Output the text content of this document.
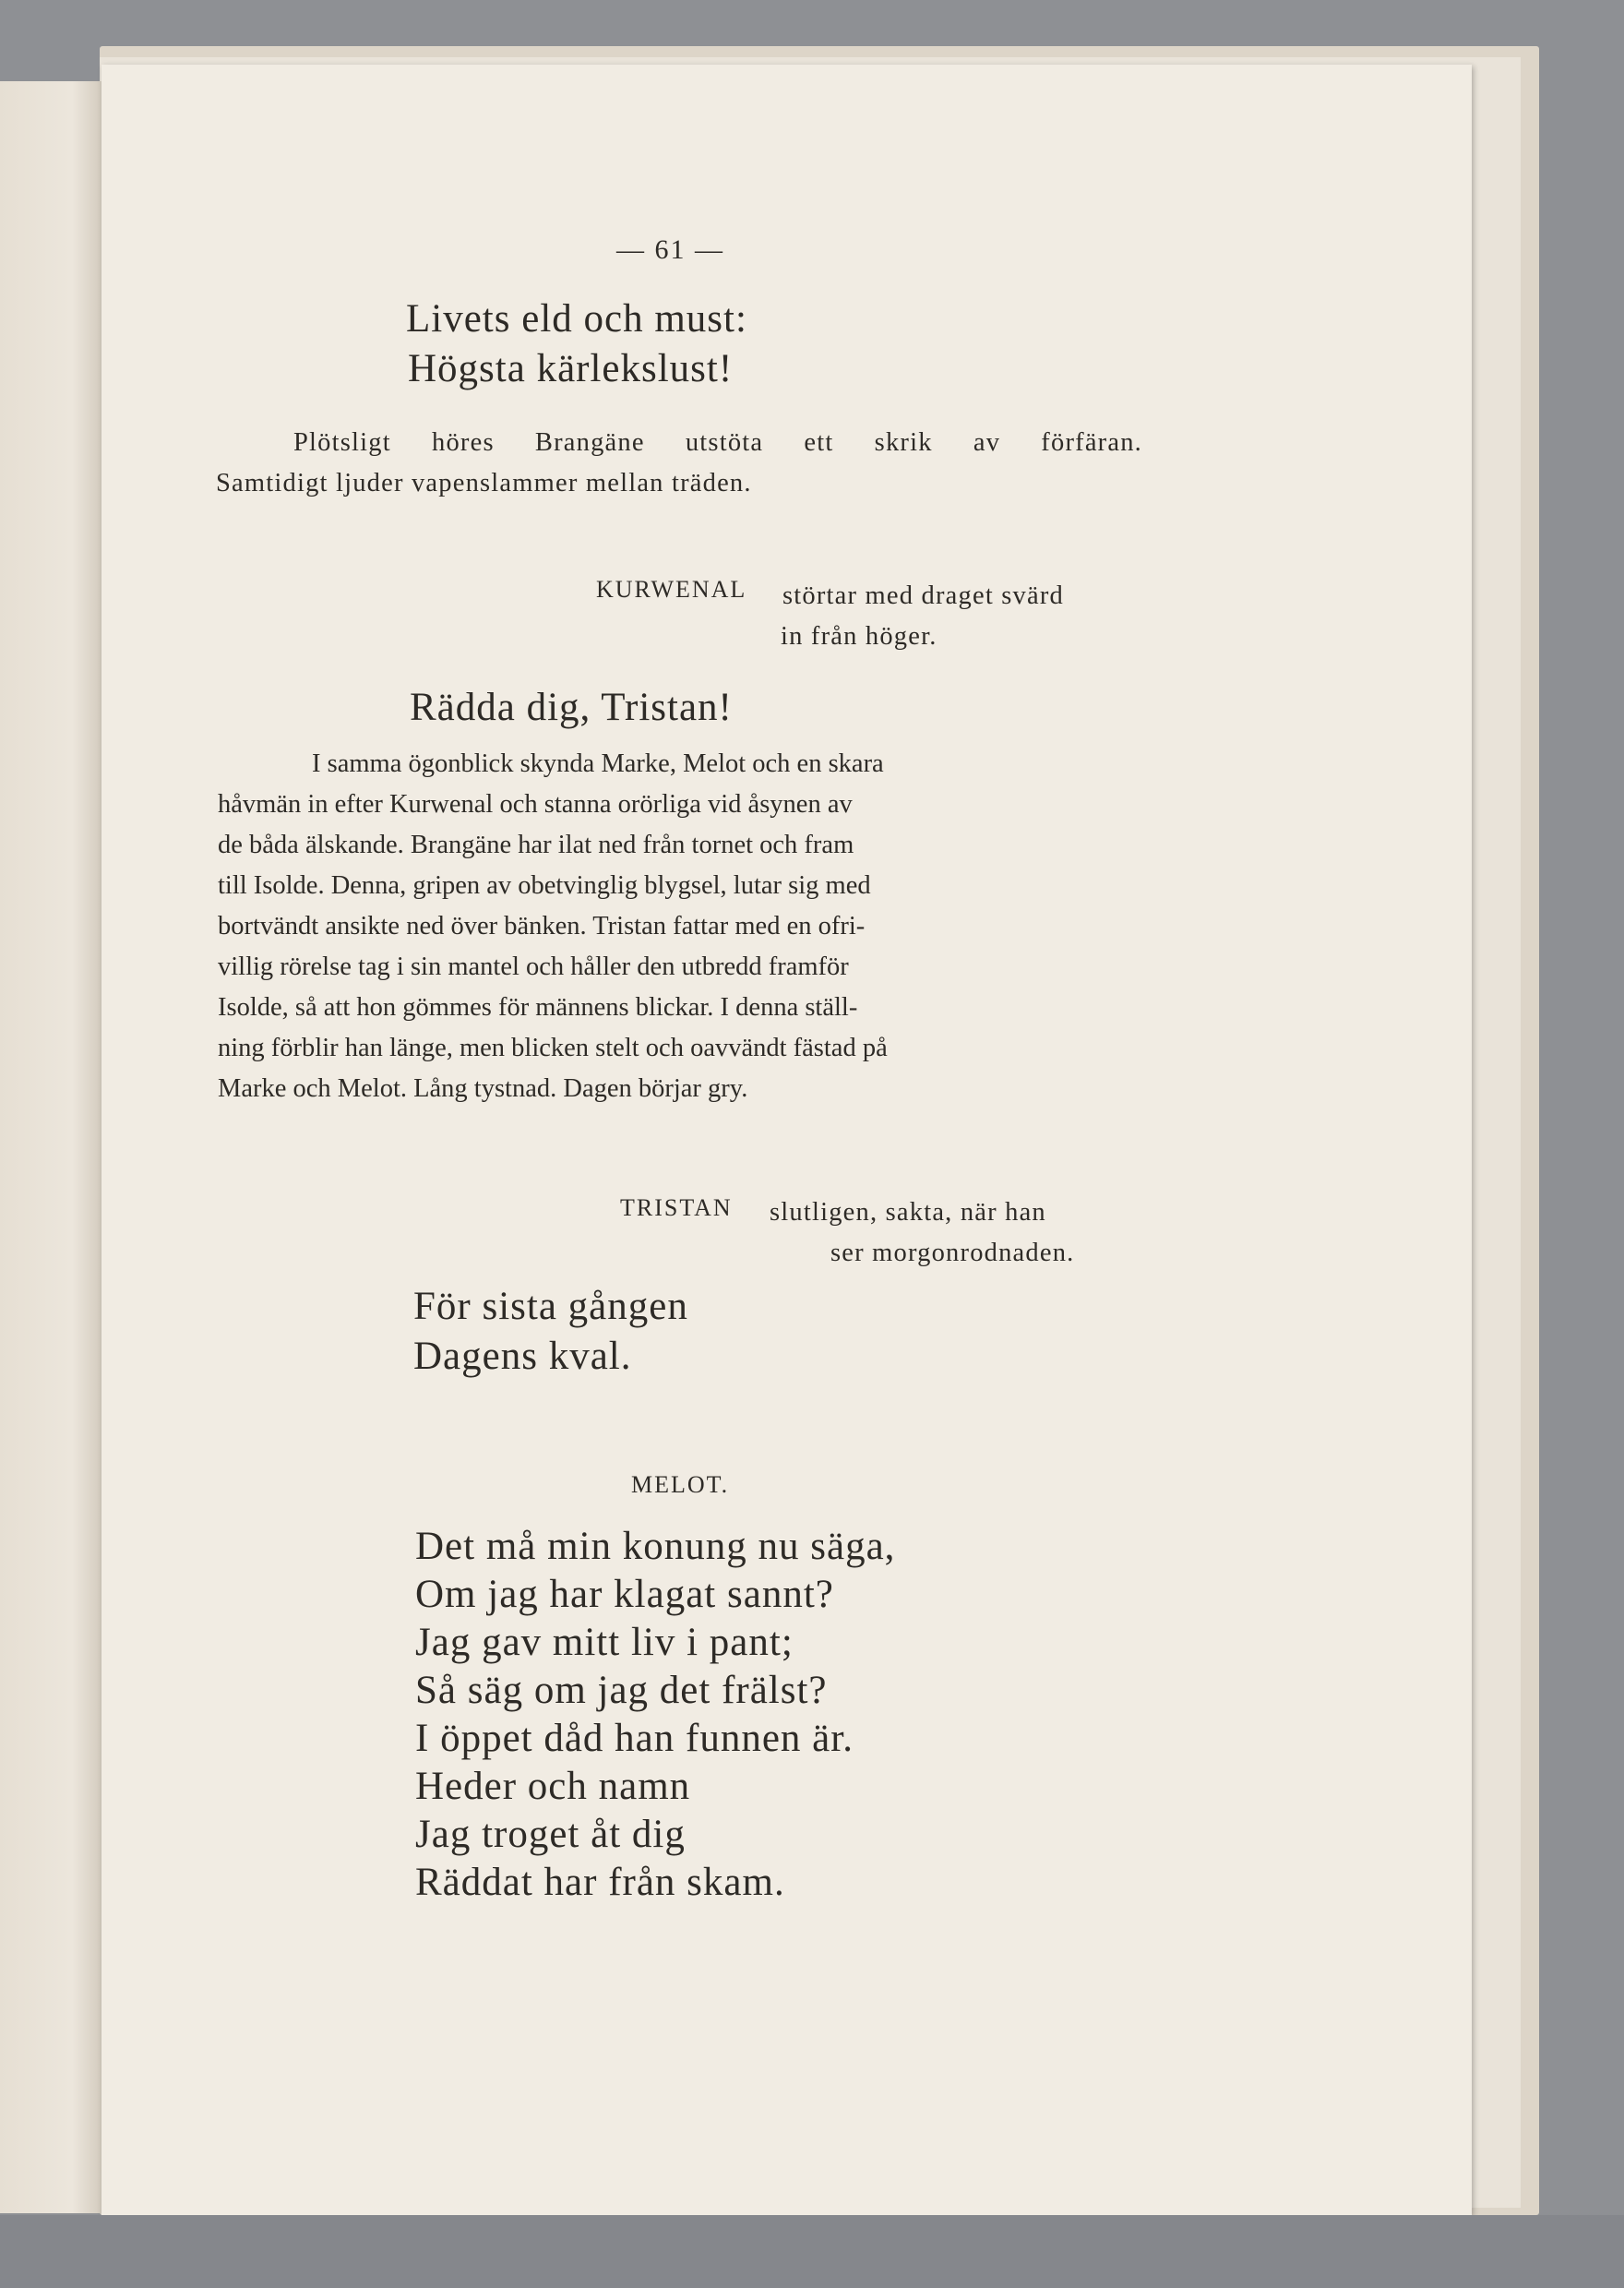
— 61 —
Livets eld och must:
Högsta kärlekslust!
Plötsligt höres Brangäne utstöta ett skrik av förfäran.
Samtidigt ljuder vapenslammer mellan träden.
KURWENAL störtar med draget svärd
in från höger.
Rädda dig, Tristan!
I samma ögonblick skynda Marke, Melot och en skara
håvmän in efter Kurwenal och stanna orörliga vid åsynen av
de båda älskande. Brangäne har ilat ned från tornet och fram
till Isolde. Denna, gripen av obetvinglig blygsel, lutar sig med
bortvändt ansikte ned över bänken. Tristan fattar med en ofri-
villig rörelse tag i sin mantel och håller den utbredd framför
Isolde, så att hon gömmes för männens blickar. I denna ställ-
ning förblir han länge, men blicken stelt och oavvändt fästad på
Marke och Melot. Lång tystnad. Dagen börjar gry.
TRISTAN slutligen, sakta, när han
ser morgonrodnaden.
För sista gången
Dagens kval.
MELOT.
Det må min konung nu säga,
Om jag har klagat sannt?
Jag gav mitt liv i pant;
Så säg om jag det frälst?
I öppet dåd han funnen är.
Heder och namn
Jag troget åt dig
Räddat har från skam.
